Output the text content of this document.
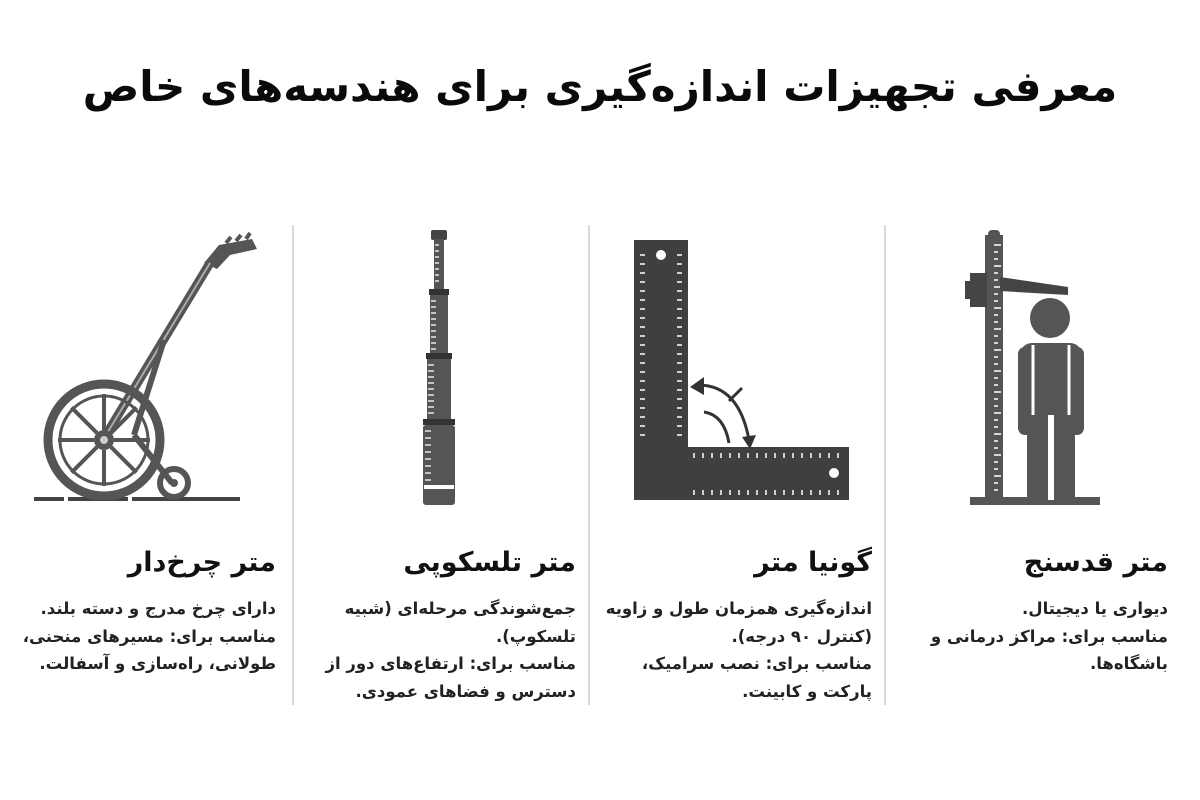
معرفی تجهیزات اندازه‌گیری برای هندسه‌های خاص
متر قدسنج

دیواری یا دیجیتال.

مناسب برای: مراکز درمانی و

باشگاه‌ها.

گونیا متر

اندازه‌گیری همزمان طول و زاویه

(کنترل ۹۰ درجه).

مناسب برای: نصب سرامیک،

پارکت و کابینت.

متر تلسکوپی

جمع‌شوندگی مرحله‌ای (شبیه

تلسکوپ).

مناسب برای: ارتفاع‌های دور از

دسترس و فضاهای عمودی.

متر چرخ‌دار

دارای چرخ مدرج و دسته بلند.

مناسب برای: مسیرهای منحنی،

طولانی، راه‌سازی و آسفالت.
